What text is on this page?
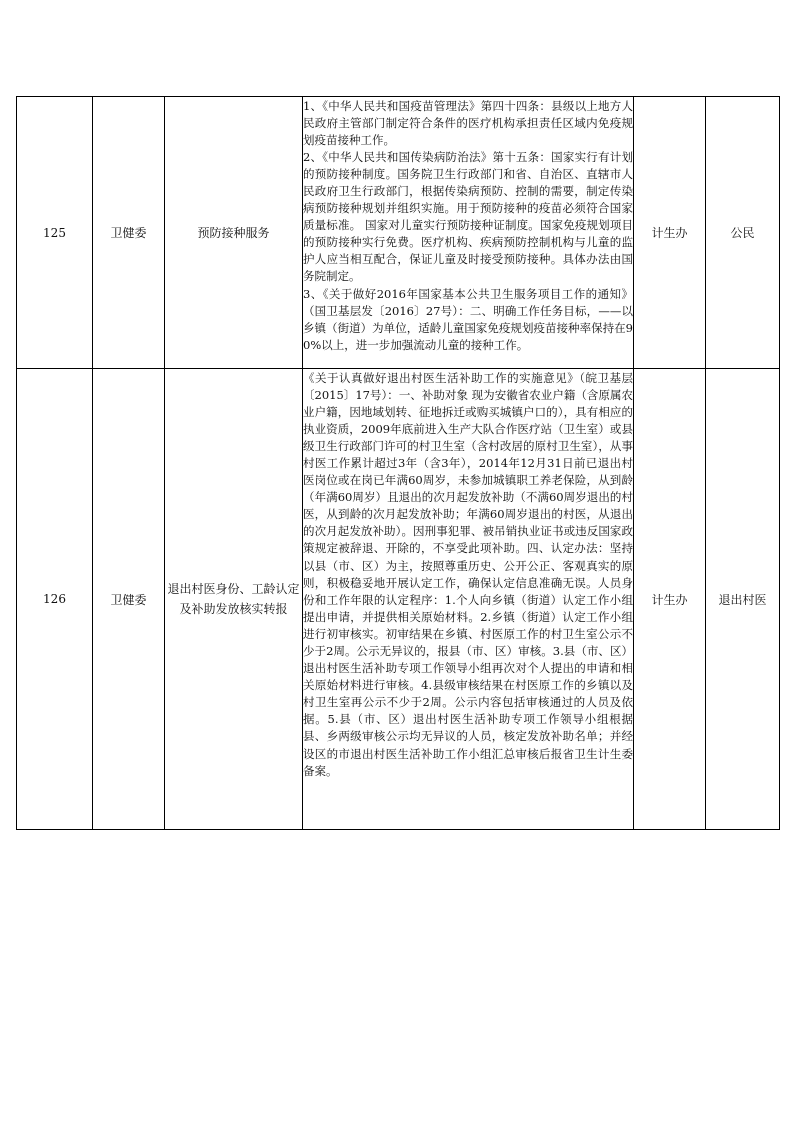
125	卫健委	预防接种服务	1、《中华人民共和国疫苗管理法》第四十四条：县级以上地方人民政府主管部门制定符合条件的医疗机构承担责任区域内免疫规划疫苗接种工作。

2、《中华人民共和国传染病防治法》第十五条：国家实行有计划的预防接种制度。国务院卫生行政部门和省、自治区、直辖市人民政府卫生行政部门，根据传染病预防、控制的需要，制定传染病预防接种规划并组织实施。用于预防接种的疫苗必须符合国家质量标准。 国家对儿童实行预防接种证制度。国家免疫规划项目的预防接种实行免费。医疗机构、疾病预防控制机构与儿童的监护人应当相互配合，保证儿童及时接受预防接种。具体办法由国务院制定。

3、《关于做好2016年国家基本公共卫生服务项目工作的通知》（国卫基层发〔2016〕27号）：二、明确工作任务目标，——以乡镇（街道）为单位，适龄儿童国家免疫规划疫苗接种率保持在90%以上，进一步加强流动儿童的接种工作。	计生办	公民
126	卫健委	退出村医身份、工龄认定及补助发放核实转报	《关于认真做好退出村医生活补助工作的实施意见》（皖卫基层〔2015〕17号）：一、补助对象 现为安徽省农业户籍（含原属农业户籍，因地域划转、征地拆迁或购买城镇户口的），具有相应的执业资质，2009年底前进入生产大队合作医疗站（卫生室）或县级卫生行政部门许可的村卫生室（含村改居的原村卫生室），从事村医工作累计超过3年（含3年），2014年12月31日前已退出村医岗位或在岗已年满60周岁，未参加城镇职工养老保险，从到龄（年满60周岁）且退出的次月起发放补助（不满60周岁退出的村医，从到龄的次月起发放补助；年满60周岁退出的村医，从退出的次月起发放补助）。因刑事犯罪、被吊销执业证书或违反国家政策规定被辞退、开除的，不享受此项补助。四、认定办法：坚持以县（市、区）为主，按照尊重历史、公开公正、客观真实的原则，积极稳妥地开展认定工作，确保认定信息准确无误。人员身份和工作年限的认定程序：1.个人向乡镇（街道）认定工作小组提出申请，并提供相关原始材料。2.乡镇（街道）认定工作小组进行初审核实。初审结果在乡镇、村医原工作的村卫生室公示不少于2周。公示无异议的，报县（市、区）审核。3.县（市、区）退出村医生活补助专项工作领导小组再次对个人提出的申请和相关原始材料进行审核。4.县级审核结果在村医原工作的乡镇以及村卫生室再公示不少于2周。公示内容包括审核通过的人员及依据。5.县（市、区）退出村医生活补助专项工作领导小组根据县、乡两级审核公示均无异议的人员，核定发放补助名单；并经设区的市退出村医生活补助工作小组汇总审核后报省卫生计生委备案。	计生办	退出村医
